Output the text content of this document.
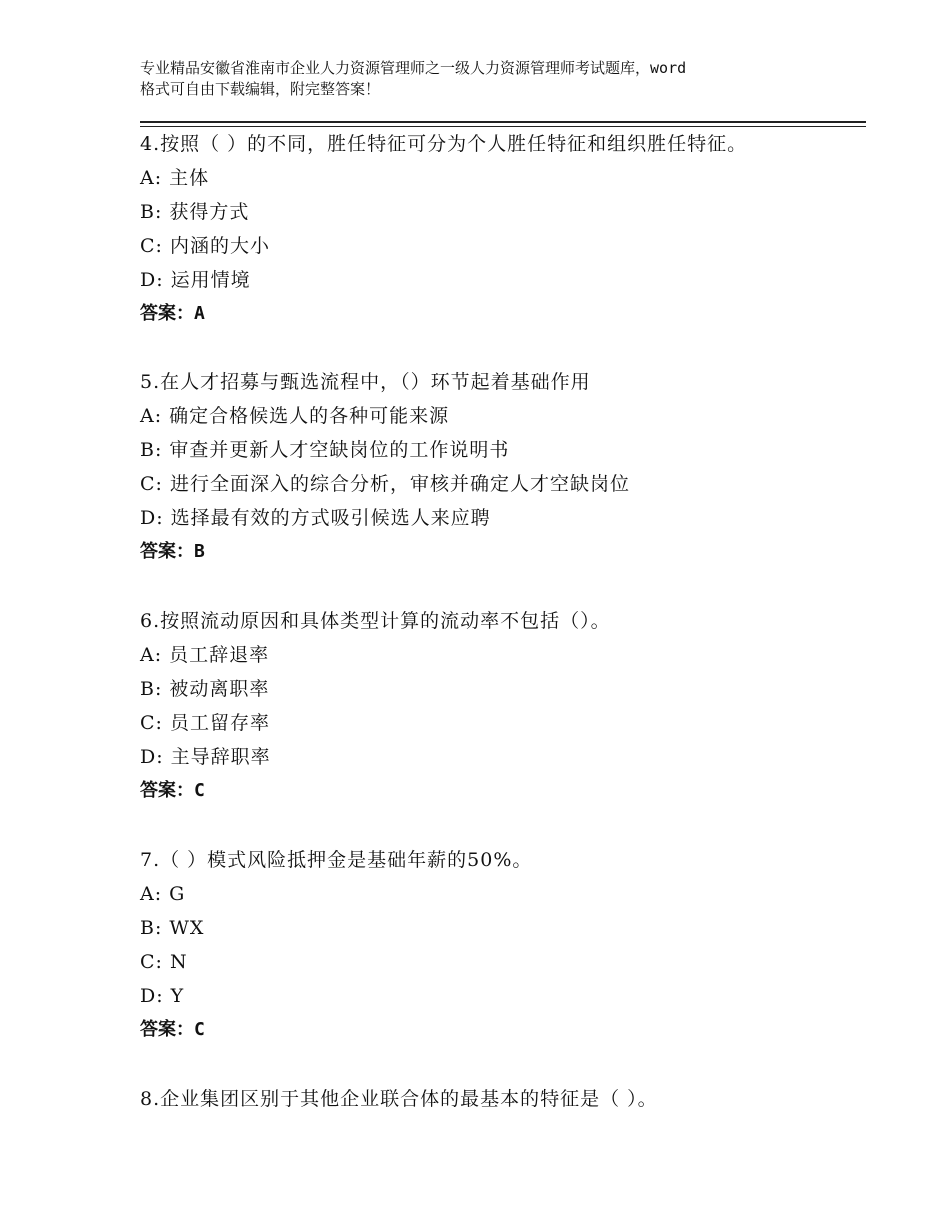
专业精品安徽省淮南市企业人力资源管理师之一级人力资源管理师考试题库，word
格式可自由下载编辑，附完整答案！
4.按照（ ）的不同，胜任特征可分为个人胜任特征和组织胜任特征。
A: 主体
B: 获得方式
C: 内涵的大小
D: 运用情境
答案：A
5.在人才招募与甄选流程中，（）环节起着基础作用
A: 确定合格候选人的各种可能来源
B: 审查并更新人才空缺岗位的工作说明书
C: 进行全面深入的综合分析，审核并确定人才空缺岗位
D: 选择最有效的方式吸引候选人来应聘
答案：B
6.按照流动原因和具体类型计算的流动率不包括（）。
A: 员工辞退率
B: 被动离职率
C: 员工留存率
D: 主导辞职率
答案：C
7.（ ）模式风险抵押金是基础年薪的50%。
A: G
B: WX
C: N
D: Y
答案：C
8.企业集团区别于其他企业联合体的最基本的特征是（ ）。
